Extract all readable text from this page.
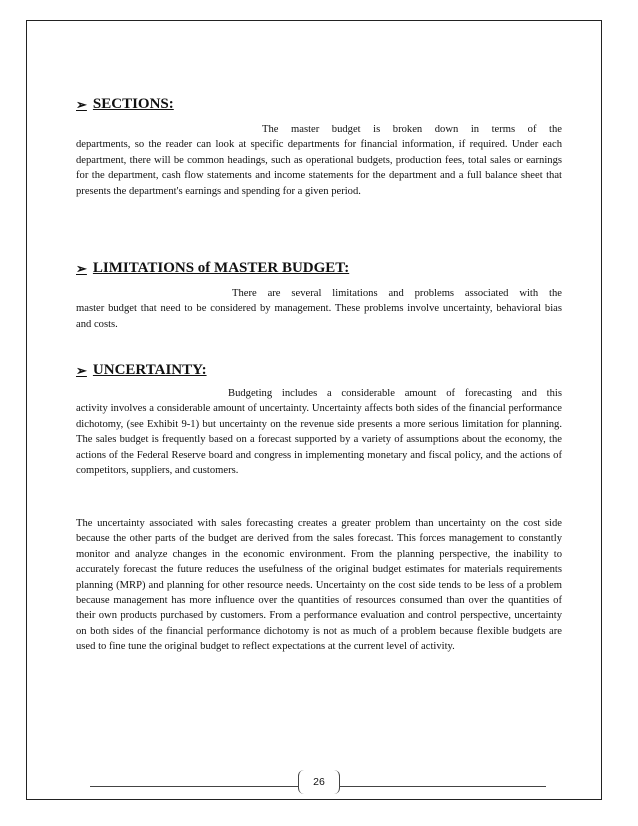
➢ SECTIONS:
The master budget is broken down in terms of the departments, so the reader can look at specific departments for financial information, if required. Under each department, there will be common headings, such as operational budgets, production fees, total sales or earnings for the department, cash flow statements and income statements for the department and a full balance sheet that presents the department's earnings and spending for a given period.
➢ LIMITATIONS of MASTER BUDGET:
There are several limitations and problems associated with the master budget that need to be considered by management. These problems involve uncertainty, behavioral bias and costs.
➢ UNCERTAINTY:
Budgeting includes a considerable amount of forecasting and this activity involves a considerable amount of uncertainty. Uncertainty affects both sides of the financial performance dichotomy, (see Exhibit 9-1) but uncertainty on the revenue side presents a more serious limitation for planning. The sales budget is frequently based on a forecast supported by a variety of assumptions about the economy, the actions of the Federal Reserve board and congress in implementing monetary and fiscal policy, and the actions of competitors, suppliers, and customers.
The uncertainty associated with sales forecasting creates a greater problem than uncertainty on the cost side because the other parts of the budget are derived from the sales forecast. This forces management to constantly monitor and analyze changes in the economic environment. From the planning perspective, the inability to accurately forecast the future reduces the usefulness of the original budget estimates for materials requirements planning (MRP) and planning for other resource needs. Uncertainty on the cost side tends to be less of a problem because management has more influence over the quantities of resources consumed than over the quantities of their own products purchased by customers. From a performance evaluation and control perspective, uncertainty on both sides of the financial performance dichotomy is not as much of a problem because flexible budgets are used to fine tune the original budget to reflect expectations at the current level of activity.
26
